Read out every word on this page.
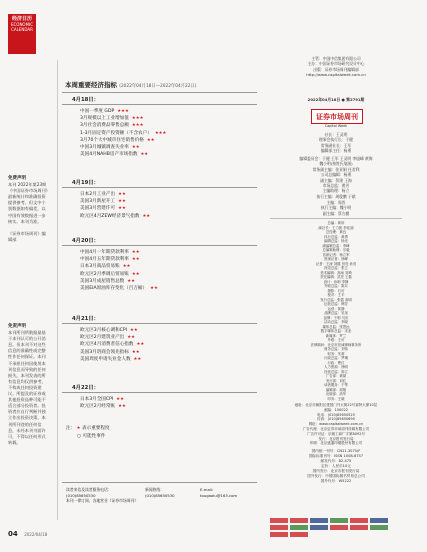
经济日历
ECONOMIC
CALENDAR
免费声明
本刊 2022年第23期《中国证券市场周刊》最新统计和准确投资提供参考。但文中个别数据如有偏差，以中国有效数据进一步核实。本刊为准。
《证券市场周刊》编辑部
免责声明
本刊所刊所数据最基于本刊认可的公开消息。但本刊不对这些信息的准确性或完整性作任何保证。本刊不承担任何因使用本刊信息而导致的任何损失。本刊发表的所有信息均仅供参考，不构成任何投资建议。所提及的证券或其他投资品种可能不适合部分投资者。投资者应自行判断并独立作出投资决策。本刊所刊登的任何信息，未经本刊书面许可，不得以任何形式转载。
本周重要经济指标 (2022年04月18日—2022年04月22日)
4月18日：
中国一季度 GDP ★★★
3月规模以上工业增加值 ★★★
3月社会消费品零售总额 ★★★
1-3月固定资产投资额（不含农户） ★★★
3月70个大中城市住宅销售价格 ★★
中国3月城镇调查失业率 ★★
美国4月NAHB房产市场指数 ★★
4月19日：
日本2月工业产出 ★★
美国3月新屋开工 ★★
美国3月营建许可 ★★
欧元区4月ZEW经济景气指数 ★★
4月20日：
中国4月一年期贷款利率 ★★
中国4月五年期贷款利率 ★★
日本3月商品贸易账 ★★
欧元区2月季调后贸易账 ★★
美国3月成屋销售总数 ★★
美国EIA原油库存变化（百万桶） ★★
4月21日：
欧元区3月核心调和CPI ★★
欧元区2月建筑业产出 ★★
欧元区4月消费者信心指数 ★★
美国3月谘商会领先指标 ★★
美国周度申请失业金人数 ★★
4月22日：
日本3月全国CPI ★★
欧元区2月经常帐 ★★
注： ★ 表示重要程度
○ 可能性事件
读者来信及读者服务电话：
(010)85650530
本刊一律订阅，各地营业《证券市场周刊》
新闻热线：
(010)85650530
E-mail:
tougaolu@163.com
主管：中国中信集团有限公司
主办：中国证券市场研究设计中心
出版：证券市场周刊编辑部
http://www.capitalweek.com.cn
2022年04月18日 ● 第2791期
证券市场周刊
Capital Week
社长：王灵明
理事会执行长：于健
常务副社长：王军
编辑部主任：杨勇
编辑委员会：于健 王军 王灵明 李旭峰 黄海
魏小明(按姓氏笔画)
常务副主编：张亚娟 任君利
公司总编辑：杨勇
副主编：蔡建 王海
市场总监：黄芳
主编助理：杨立
执行主编：周俊鹏 于斌
主编：周晋
执行主编：魏小明
副主编：蔡方勤
总编：黄用
副社长：王力凯 李佳丽
总经理：黄良
执行总监：黄勇
编辑总监：杨光
副编辑总监：李峰
总编辑助理：宗毅
首席记者：杨立军
资深记者：徐峰
记者：王涛 刘健 田亮 孙亮
视觉总监：张立
美术编辑：高雨 刘琦
责任编辑：武亮 王磊
设计：孙明 李静
外联总监：陈月
摄影：石可
校对：王平
发行总监：张霞 高明
运营总监：韩芳
运营：郭静
品牌总监：吴尧
品牌：于明 马庆
活动总监：李晓
媒体总监：张思远
数字媒体总监：宋亚
新媒体：罗兰
外联：王可
法律顾问：北京市信诚律师事务所
财务总监：刘伟
财务：朱莉
行政总监：罗琳
行政：曹红
人力资源：徐明
经营总监：廖立
广告部：黄斌
发行部：刘红
读者服务：于琴
编辑部：周翔
出版部：高华
印务：王晓
地址：北京市朝阳区建国门外大街22号赛特大厦10层
邮编：100022
电话：(010)85650525
传真：(010)85650690
网址：www.capitalweek.com.cn
广告代理：北京证券市场周刊传媒有限公司
广告许可证：京朝工商广字第8092号
发行：北京报刊发行局
印刷：北京盛通印刷股份有限公司
国内统一刊号：CN11-3075/F
国际标准刊号：ISSN 1008-6757
邮发代号：82-475
定价：人民币10元
国内发行：北京市报刊发行局
国外发行：中国国际图书贸易总公司
国外代号：W5222
04 2022/04/18
